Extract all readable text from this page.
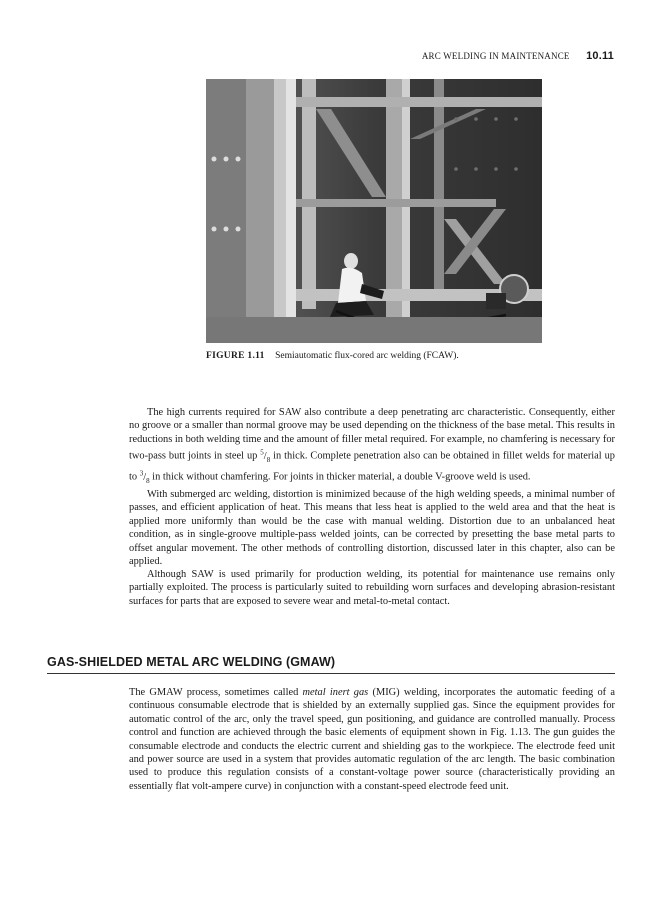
ARC WELDING IN MAINTENANCE 10.11
FIGURE 1.11 Semiautomatic flux-cored arc welding (FCAW).

The high currents required for SAW also contribute a deep penetrating arc characteristic. Consequently, either no groove or a smaller than normal groove may be used depending on the thickness of the base metal. This results in reductions in both welding time and the amount of filler metal required. For example, no chamfering is necessary for two-pass butt joints in steel up $^5/_8$ in thick. Complete penetration also can be obtained in fillet welds for material up to $^3/_8$ in thick without chamfering. For joints in thicker material, a double V-groove weld is used.

With submerged arc welding, distortion is minimized because of the high welding speeds, a minimal number of passes, and efficient application of heat. This means that less heat is applied to the weld area and that the heat is applied more uniformly than would be the case with manual welding. Distortion due to an unbalanced heat condition, as in single-groove multiple-pass welded joints, can be corrected by presetting the base metal parts to offset angular movement. The other methods of controlling distortion, discussed later in this chapter, also can be applied.

Although SAW is used primarily for production welding, its potential for maintenance use remains only partially exploited. The process is particularly suited to rebuilding worn surfaces and developing abrasion-resistant surfaces for parts that are exposed to severe wear and metal-to-metal contact.

GAS-SHIELDED METAL ARC WELDING (GMAW)

The GMAW process, sometimes called metal inert gas (MIG) welding, incorporates the automatic feeding of a continuous consumable electrode that is shielded by an externally supplied gas. Since the equipment provides for automatic control of the arc, only the travel speed, gun positioning, and guidance are controlled manually. Process control and function are achieved through the basic elements of equipment shown in Fig. 1.13. The gun guides the consumable electrode and conducts the electric current and shielding gas to the workpiece. The electrode feed unit and power source are used in a system that provides automatic regulation of the arc length. The basic combination used to produce this regulation consists of a constant-voltage power source (characteristically providing an essentially flat volt-ampere curve) in conjunction with a constant-speed electrode feed unit.
